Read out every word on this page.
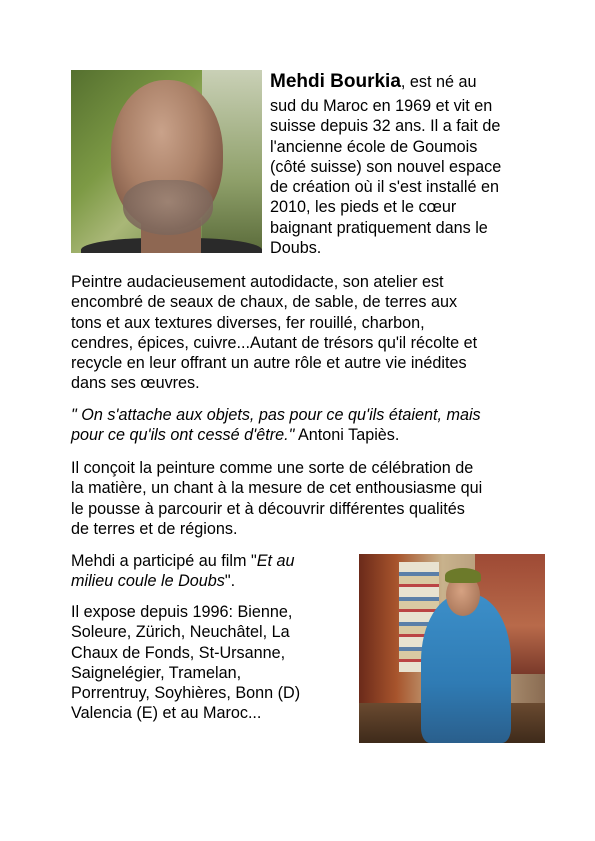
Mehdi Bourkia, est né au
sud du Maroc en 1969 et vit en
suisse depuis 32 ans. Il a fait de
l'ancienne école de Goumois
(côté suisse) son nouvel espace
de création où il s'est installé en
2010, les pieds et le cœur
baignant pratiquement dans le
Doubs.
Peintre audacieusement autodidacte, son atelier est
encombré de seaux de chaux, de sable, de terres aux
tons et aux textures diverses, fer rouillé, charbon,
cendres, épices, cuivre...Autant de trésors qu'il récolte et
recycle en leur offrant un autre rôle et autre vie inédites
dans ses œuvres.
" On s'attache aux objets, pas pour ce qu'ils étaient, mais
pour ce qu'ils ont cessé d'être." Antoni Tapiès.
Il conçoit la peinture comme une sorte de célébration de
la matière, un chant à la mesure de cet enthousiasme qui
le pousse à parcourir et à découvrir différentes qualités
de terres et de régions.
Mehdi a participé au film "Et au
milieu coule le Doubs".
Il expose depuis 1996: Bienne,
Soleure, Zürich, Neuchâtel, La
Chaux de Fonds, St-Ursanne,
Saignelégier, Tramelan,
Porrentruy, Soyhières, Bonn (D)
Valencia (E) et au Maroc...
